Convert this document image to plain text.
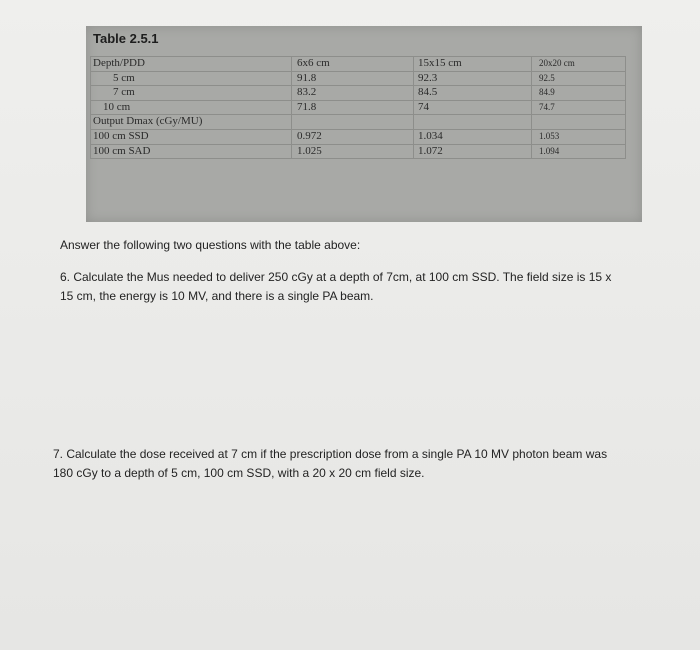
Table 2.5.1
Depth/PDD	6x6 cm	15x15 cm	20x20 cm
5 cm	91.8	92.3	92.5
7 cm	83.2	84.5	84.9
10 cm	71.8	74	74.7
Output Dmax (cGy/MU)
100 cm SSD	0.972	1.034	1.053
100 cm SAD	1.025	1.072	1.094
Answer the following two questions with the table above:
6. Calculate the Mus needed to deliver 250 cGy at a depth of 7cm, at 100 cm SSD. The field size is 15 x
15 cm, the energy is 10 MV, and there is a single PA beam.
7. Calculate the dose received at 7 cm if the prescription dose from a single PA 10 MV photon beam was
180 cGy to a depth of 5 cm, 100 cm SSD, with a 20 x 20 cm field size.
